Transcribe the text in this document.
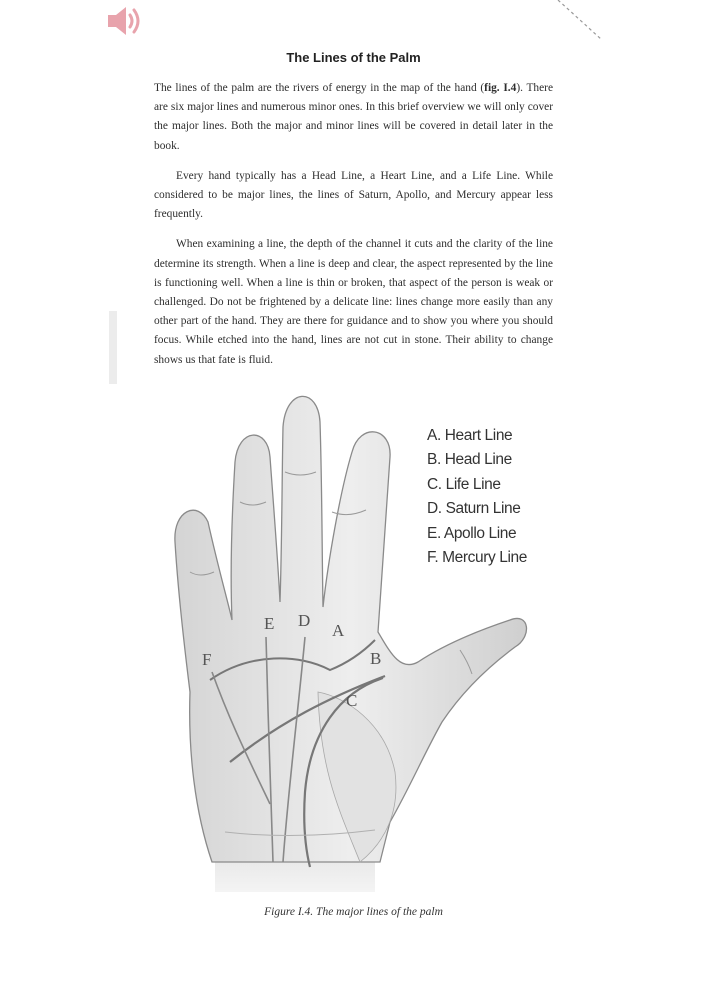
The Lines of the Palm

The lines of the palm are the rivers of energy in the map of the hand (fig. I.4). There are six major lines and numerous minor ones. In this brief overview we will only cover the major lines. Both the major and minor lines will be covered in detail later in the book.

Every hand typically has a Head Line, a Heart Line, and a Life Line. While considered to be major lines, the lines of Saturn, Apollo, and Mercury appear less frequently.

When examining a line, the depth of the channel it cuts and the clarity of the line determine its strength. When a line is deep and clear, the aspect represented by the line is functioning well. When a line is thin or broken, that aspect of the person is weak or challenged. Do not be frightened by a delicate line: lines change more easily than any other part of the hand. They are there for guidance and to show you where you should focus. While etched into the hand, lines are not cut in stone. Their ability to change shows us that fate is fluid.

E D
A
B
C
F
A. Heart Line
B. Head Line
C. Life Line
D. Saturn Line
E. Apollo Line
F. Mercury Line
Figure I.4. The major lines of the palm
